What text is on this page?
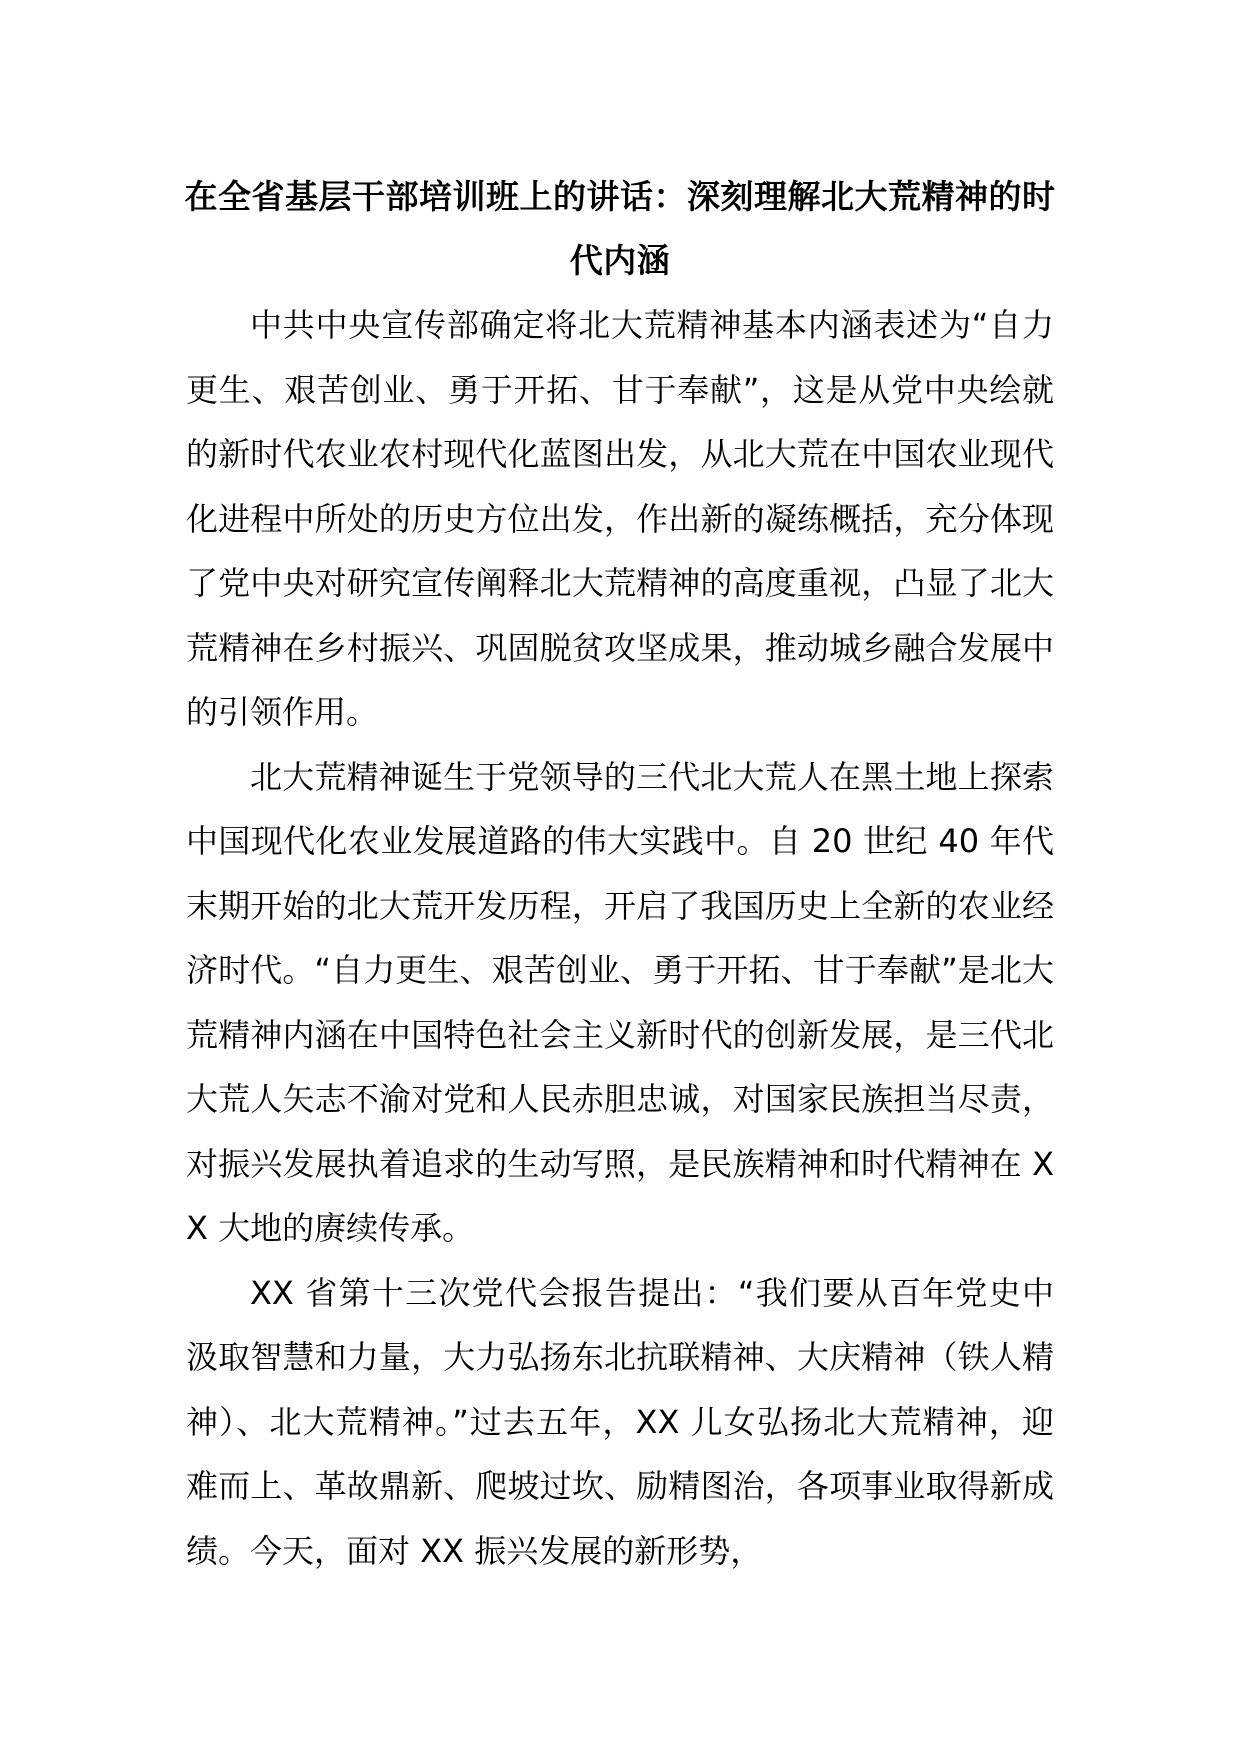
在全省基层干部培训班上的讲话：深刻理解北大荒精神的时代内涵

中共中央宣传部确定将北大荒精神基本内涵表述为“自力更生、艰苦创业、勇于开拓、甘于奉献”，这是从党中央绘就的新时代农业农村现代化蓝图出发，从北大荒在中国农业现代化进程中所处的历史方位出发，作出新的凝练概括，充分体现了党中央对研究宣传阐释北大荒精神的高度重视，凸显了北大荒精神在乡村振兴、巩固脱贫攻坚成果，推动城乡融合发展中的引领作用。

北大荒精神诞生于党领导的三代北大荒人在黑土地上探索中国现代化农业发展道路的伟大实践中。自 20 世纪 40 年代末期开始的北大荒开发历程，开启了我国历史上全新的农业经济时代。“自力更生、艰苦创业、勇于开拓、甘于奉献”是北大荒精神内涵在中国特色社会主义新时代的创新发展，是三代北大荒人矢志不渝对党和人民赤胆忠诚，对国家民族担当尽责，对振兴发展执着追求的生动写照，是民族精神和时代精神在 XX 大地的赓续传承。

XX 省第十三次党代会报告提出：“我们要从百年党史中汲取智慧和力量，大力弘扬东北抗联精神、大庆精神（铁人精神）、北大荒精神。”过去五年，XX 儿女弘扬北大荒精神，迎难而上、革故鼎新、爬坡过坎、励精图治，各项事业取得新成绩。今天，面对 XX 振兴发展的新形势，
